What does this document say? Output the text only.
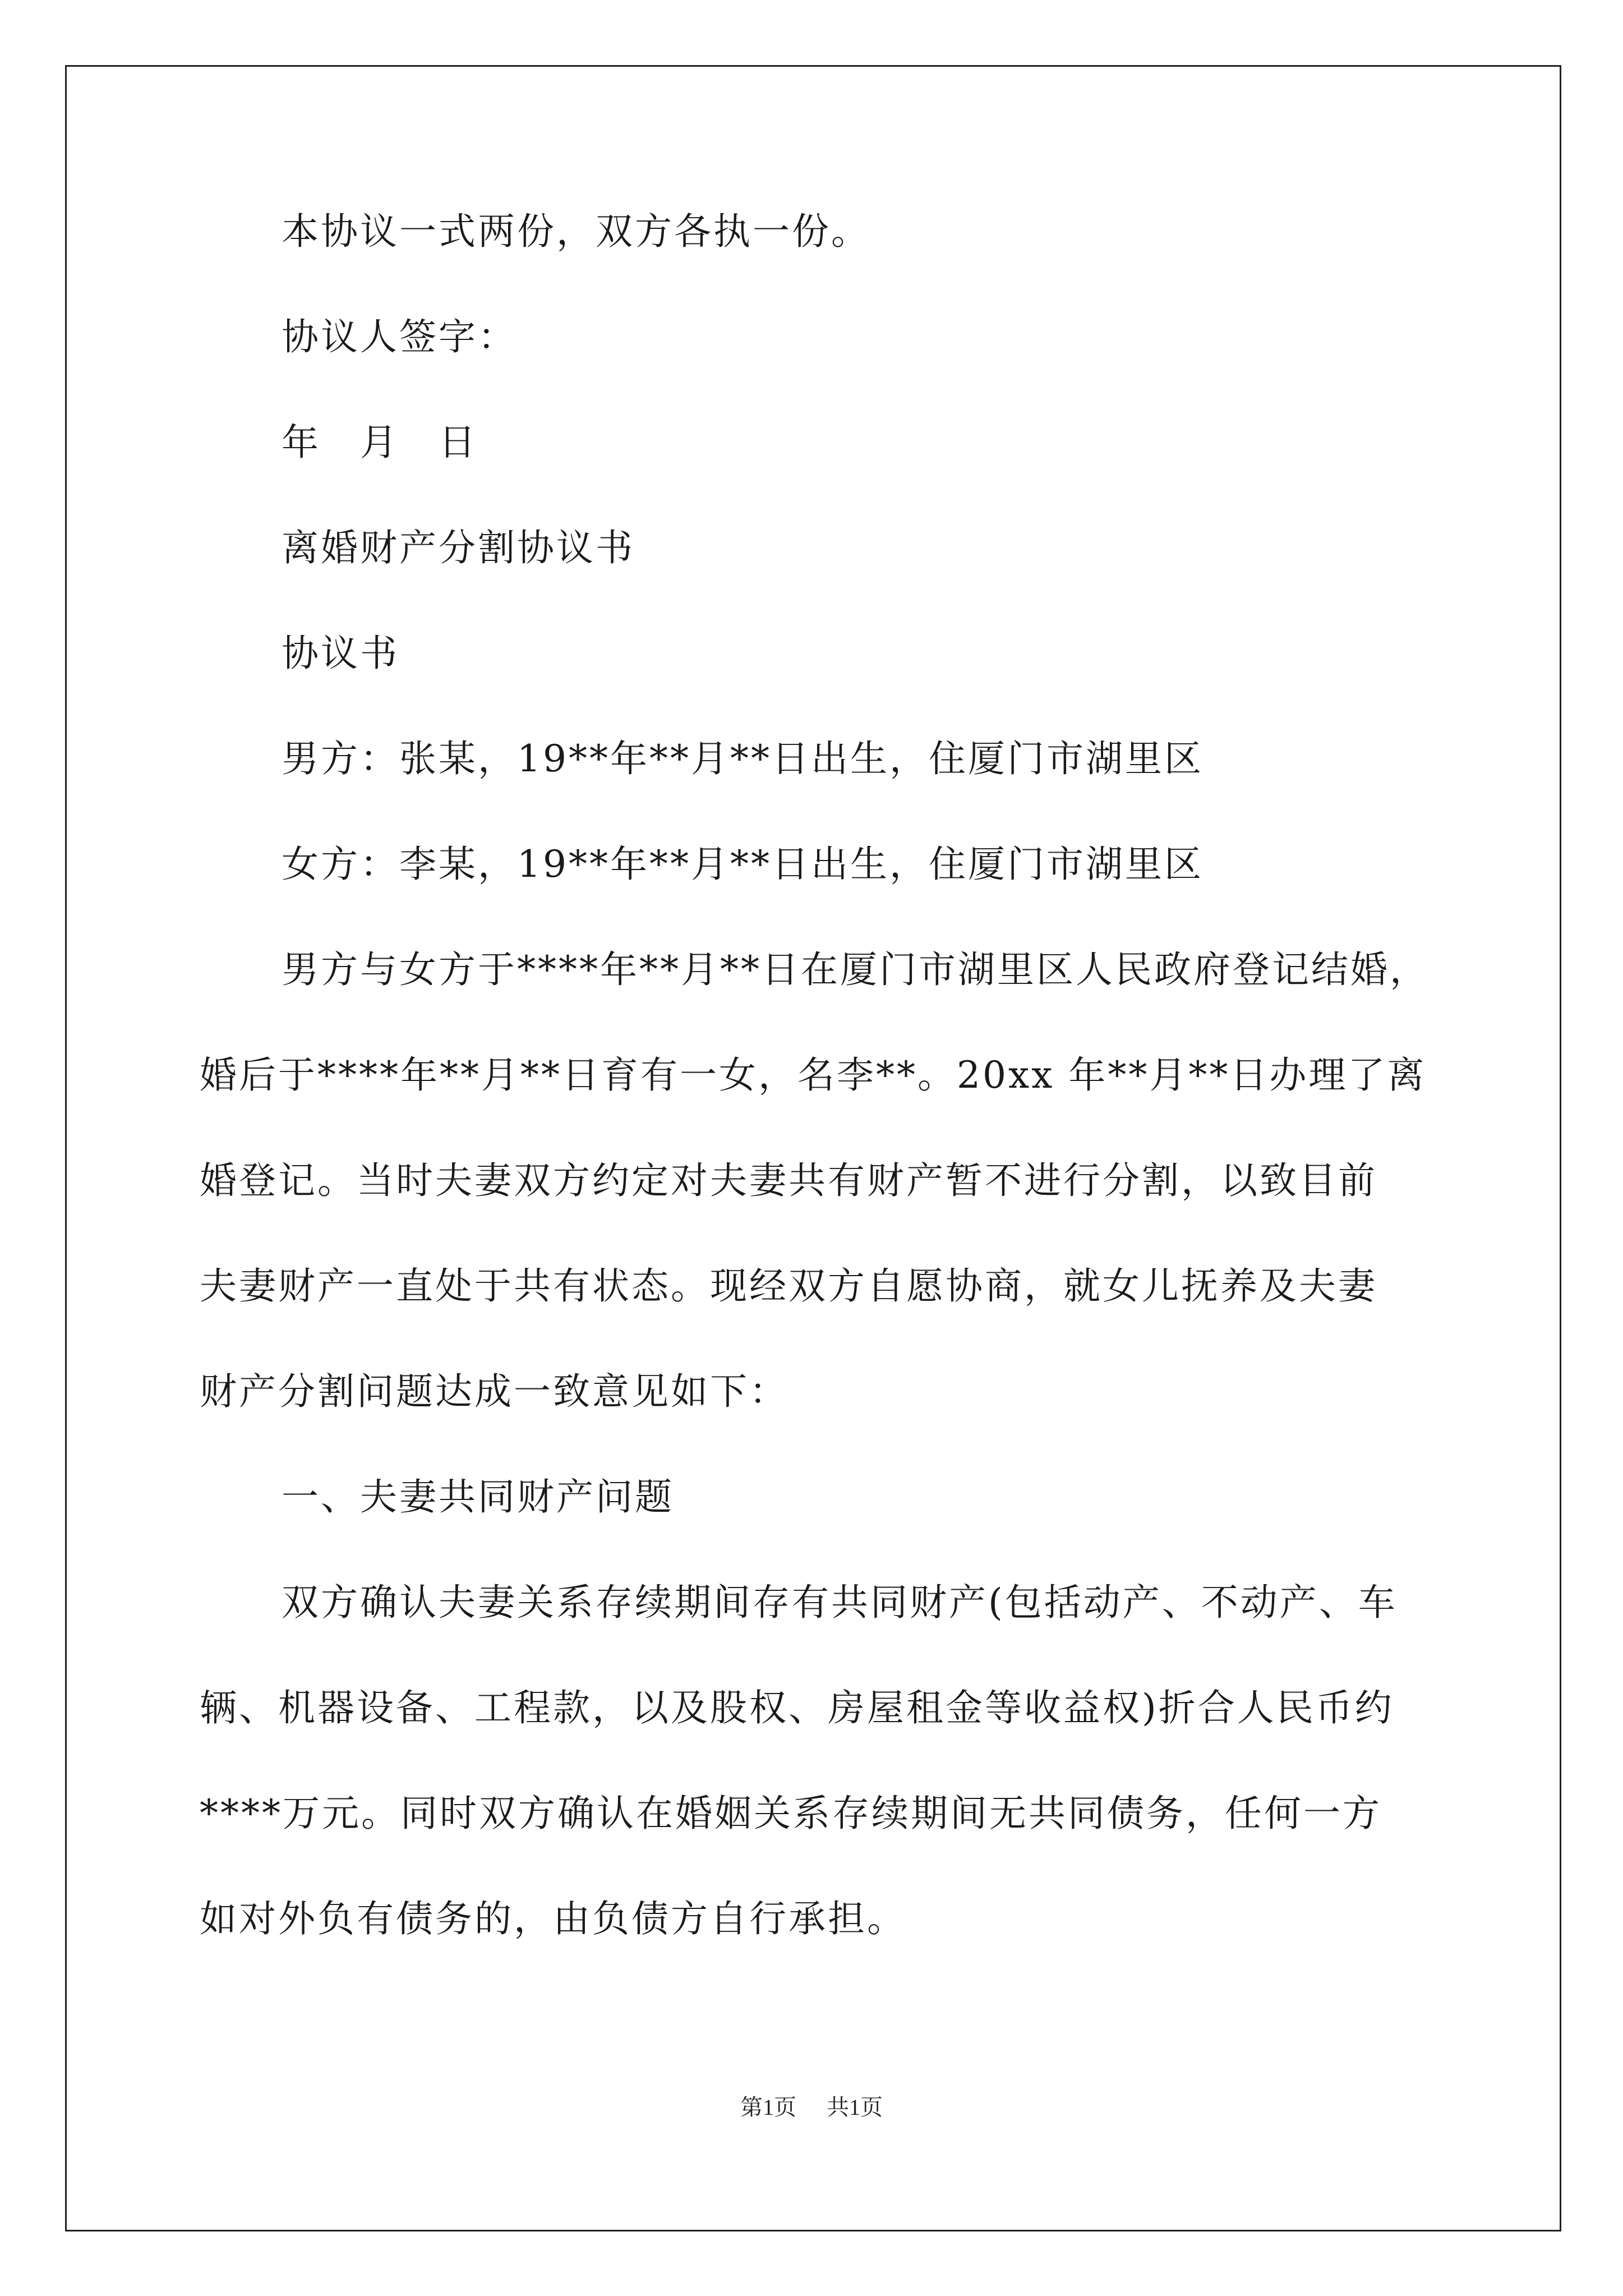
本协议一式两份，双方各执一份。

协议人签字：

年　月　日

离婚财产分割协议书

协议书

男方：张某，19**年**月**日出生，住厦门市湖里区

女方：李某，19**年**月**日出生，住厦门市湖里区

男方与女方于****年**月**日在厦门市湖里区人民政府登记结婚，

婚后于****年**月**日育有一女，名李**。20xx 年**月**日办理了离

婚登记。当时夫妻双方约定对夫妻共有财产暂不进行分割，以致目前

夫妻财产一直处于共有状态。现经双方自愿协商，就女儿抚养及夫妻

财产分割问题达成一致意见如下：

一、夫妻共同财产问题

双方确认夫妻关系存续期间存有共同财产(包括动产、不动产、车

辆、机器设备、工程款，以及股权、房屋租金等收益权)折合人民币约

****万元。同时双方确认在婚姻关系存续期间无共同债务，任何一方

如对外负有债务的，由负债方自行承担。

第1页 共1页
